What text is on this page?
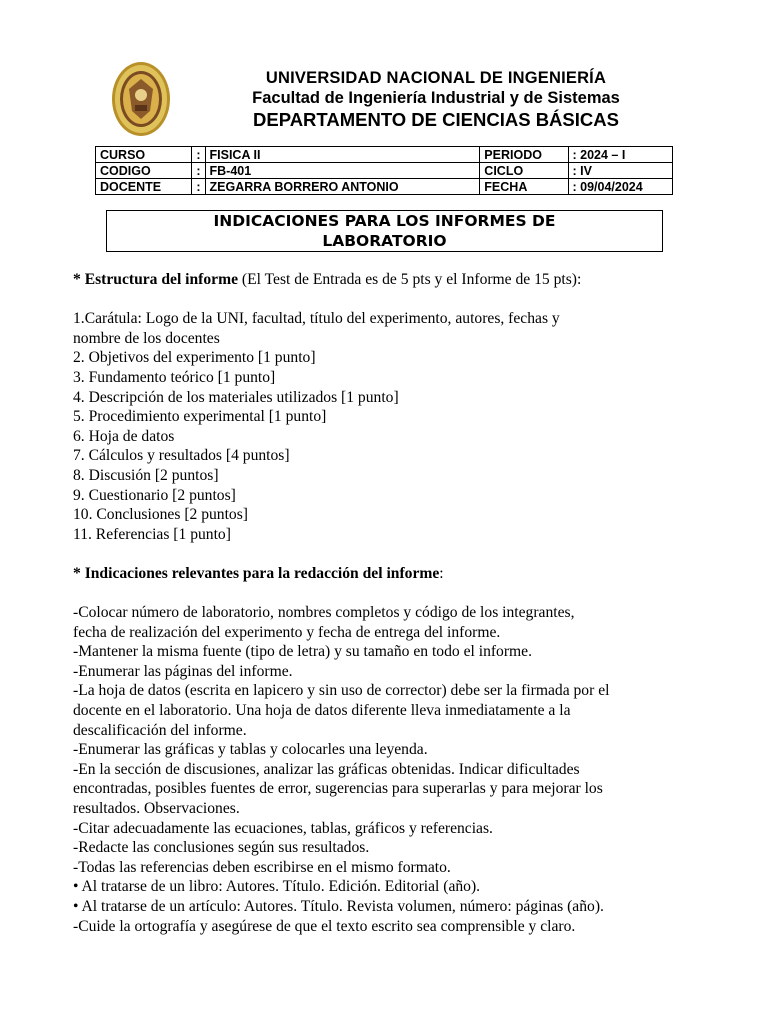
UNIVERSIDAD NACIONAL DE INGENIERÍA
Facultad de Ingeniería Industrial y de Sistemas
DEPARTAMENTO DE CIENCIAS BÁSICAS
CURSO	:	FISICA II	PERIODO	: 2024 – I
CODIGO	:	FB-401	CICLO	: IV
DOCENTE	:	ZEGARRA BORRERO ANTONIO	FECHA	: 09/04/2024
INDICACIONES PARA LOS INFORMES DE
LABORATORIO

* Estructura del informe (El Test de Entrada es de 5 pts y el Informe de 15 pts):

1.Carátula: Logo de la UNI, facultad, título del experimento, autores, fechas y

nombre de los docentes

2. Objetivos del experimento [1 punto]

3. Fundamento teórico [1 punto]

4. Descripción de los materiales utilizados [1 punto]

5. Procedimiento experimental [1 punto]

6. Hoja de datos

7. Cálculos y resultados [4 puntos]

8. Discusión [2 puntos]

9. Cuestionario [2 puntos]

10. Conclusiones [2 puntos]

11. Referencias [1 punto]

* Indicaciones relevantes para la redacción del informe:

-Colocar número de laboratorio, nombres completos y código de los integrantes,

fecha de realización del experimento y fecha de entrega del informe.

-Mantener la misma fuente (tipo de letra) y su tamaño en todo el informe.

-Enumerar las páginas del informe.

-La hoja de datos (escrita en lapicero y sin uso de corrector) debe ser la firmada por el

docente en el laboratorio. Una hoja de datos diferente lleva inmediatamente a la

descalificación del informe.

-Enumerar las gráficas y tablas y colocarles una leyenda.

-En la sección de discusiones, analizar las gráficas obtenidas. Indicar dificultades

encontradas, posibles fuentes de error, sugerencias para superarlas y para mejorar los

resultados. Observaciones.

-Citar adecuadamente las ecuaciones, tablas, gráficos y referencias.

-Redacte las conclusiones según sus resultados.

-Todas las referencias deben escribirse en el mismo formato.

• Al tratarse de un libro: Autores. Título. Edición. Editorial (año).

• Al tratarse de un artículo: Autores. Título. Revista volumen, número: páginas (año).

-Cuide la ortografía y asegúrese de que el texto escrito sea comprensible y claro.
